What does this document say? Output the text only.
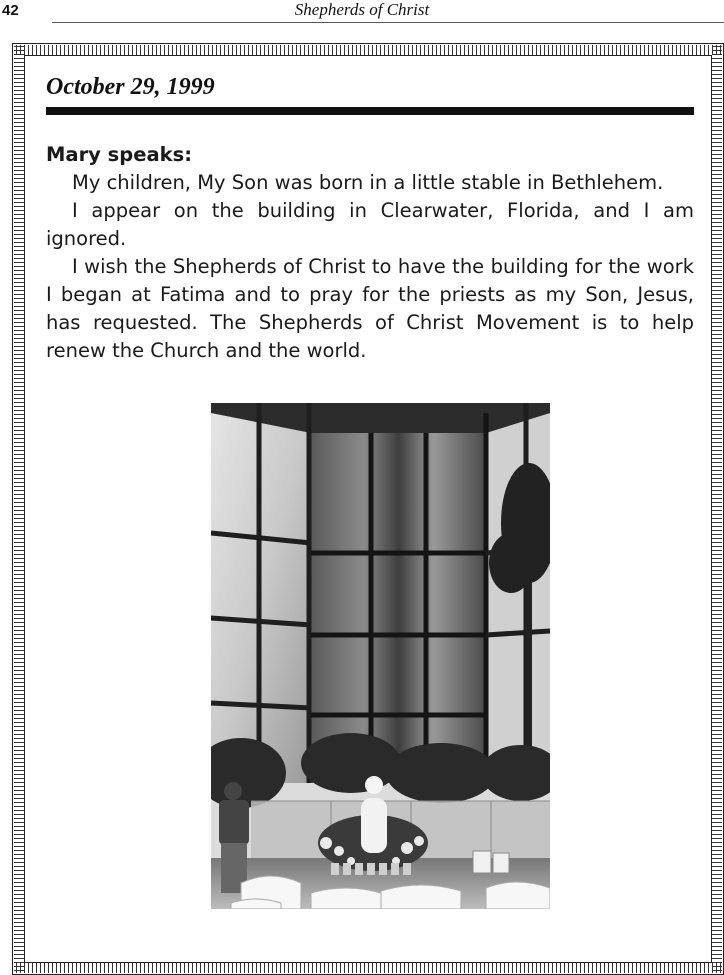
42	Shepherds of Christ
October 29, 1999

Mary speaks:

My children, My Son was born in a little stable in Bethlehem.

I appear on the building in Clearwater, Florida, and I am ignored.

I wish the Shepherds of Christ to have the building for the work I began at Fatima and to pray for the priests as my Son, Jesus, has requested. The Shepherds of Christ Movement is to help renew the Church and the world.
